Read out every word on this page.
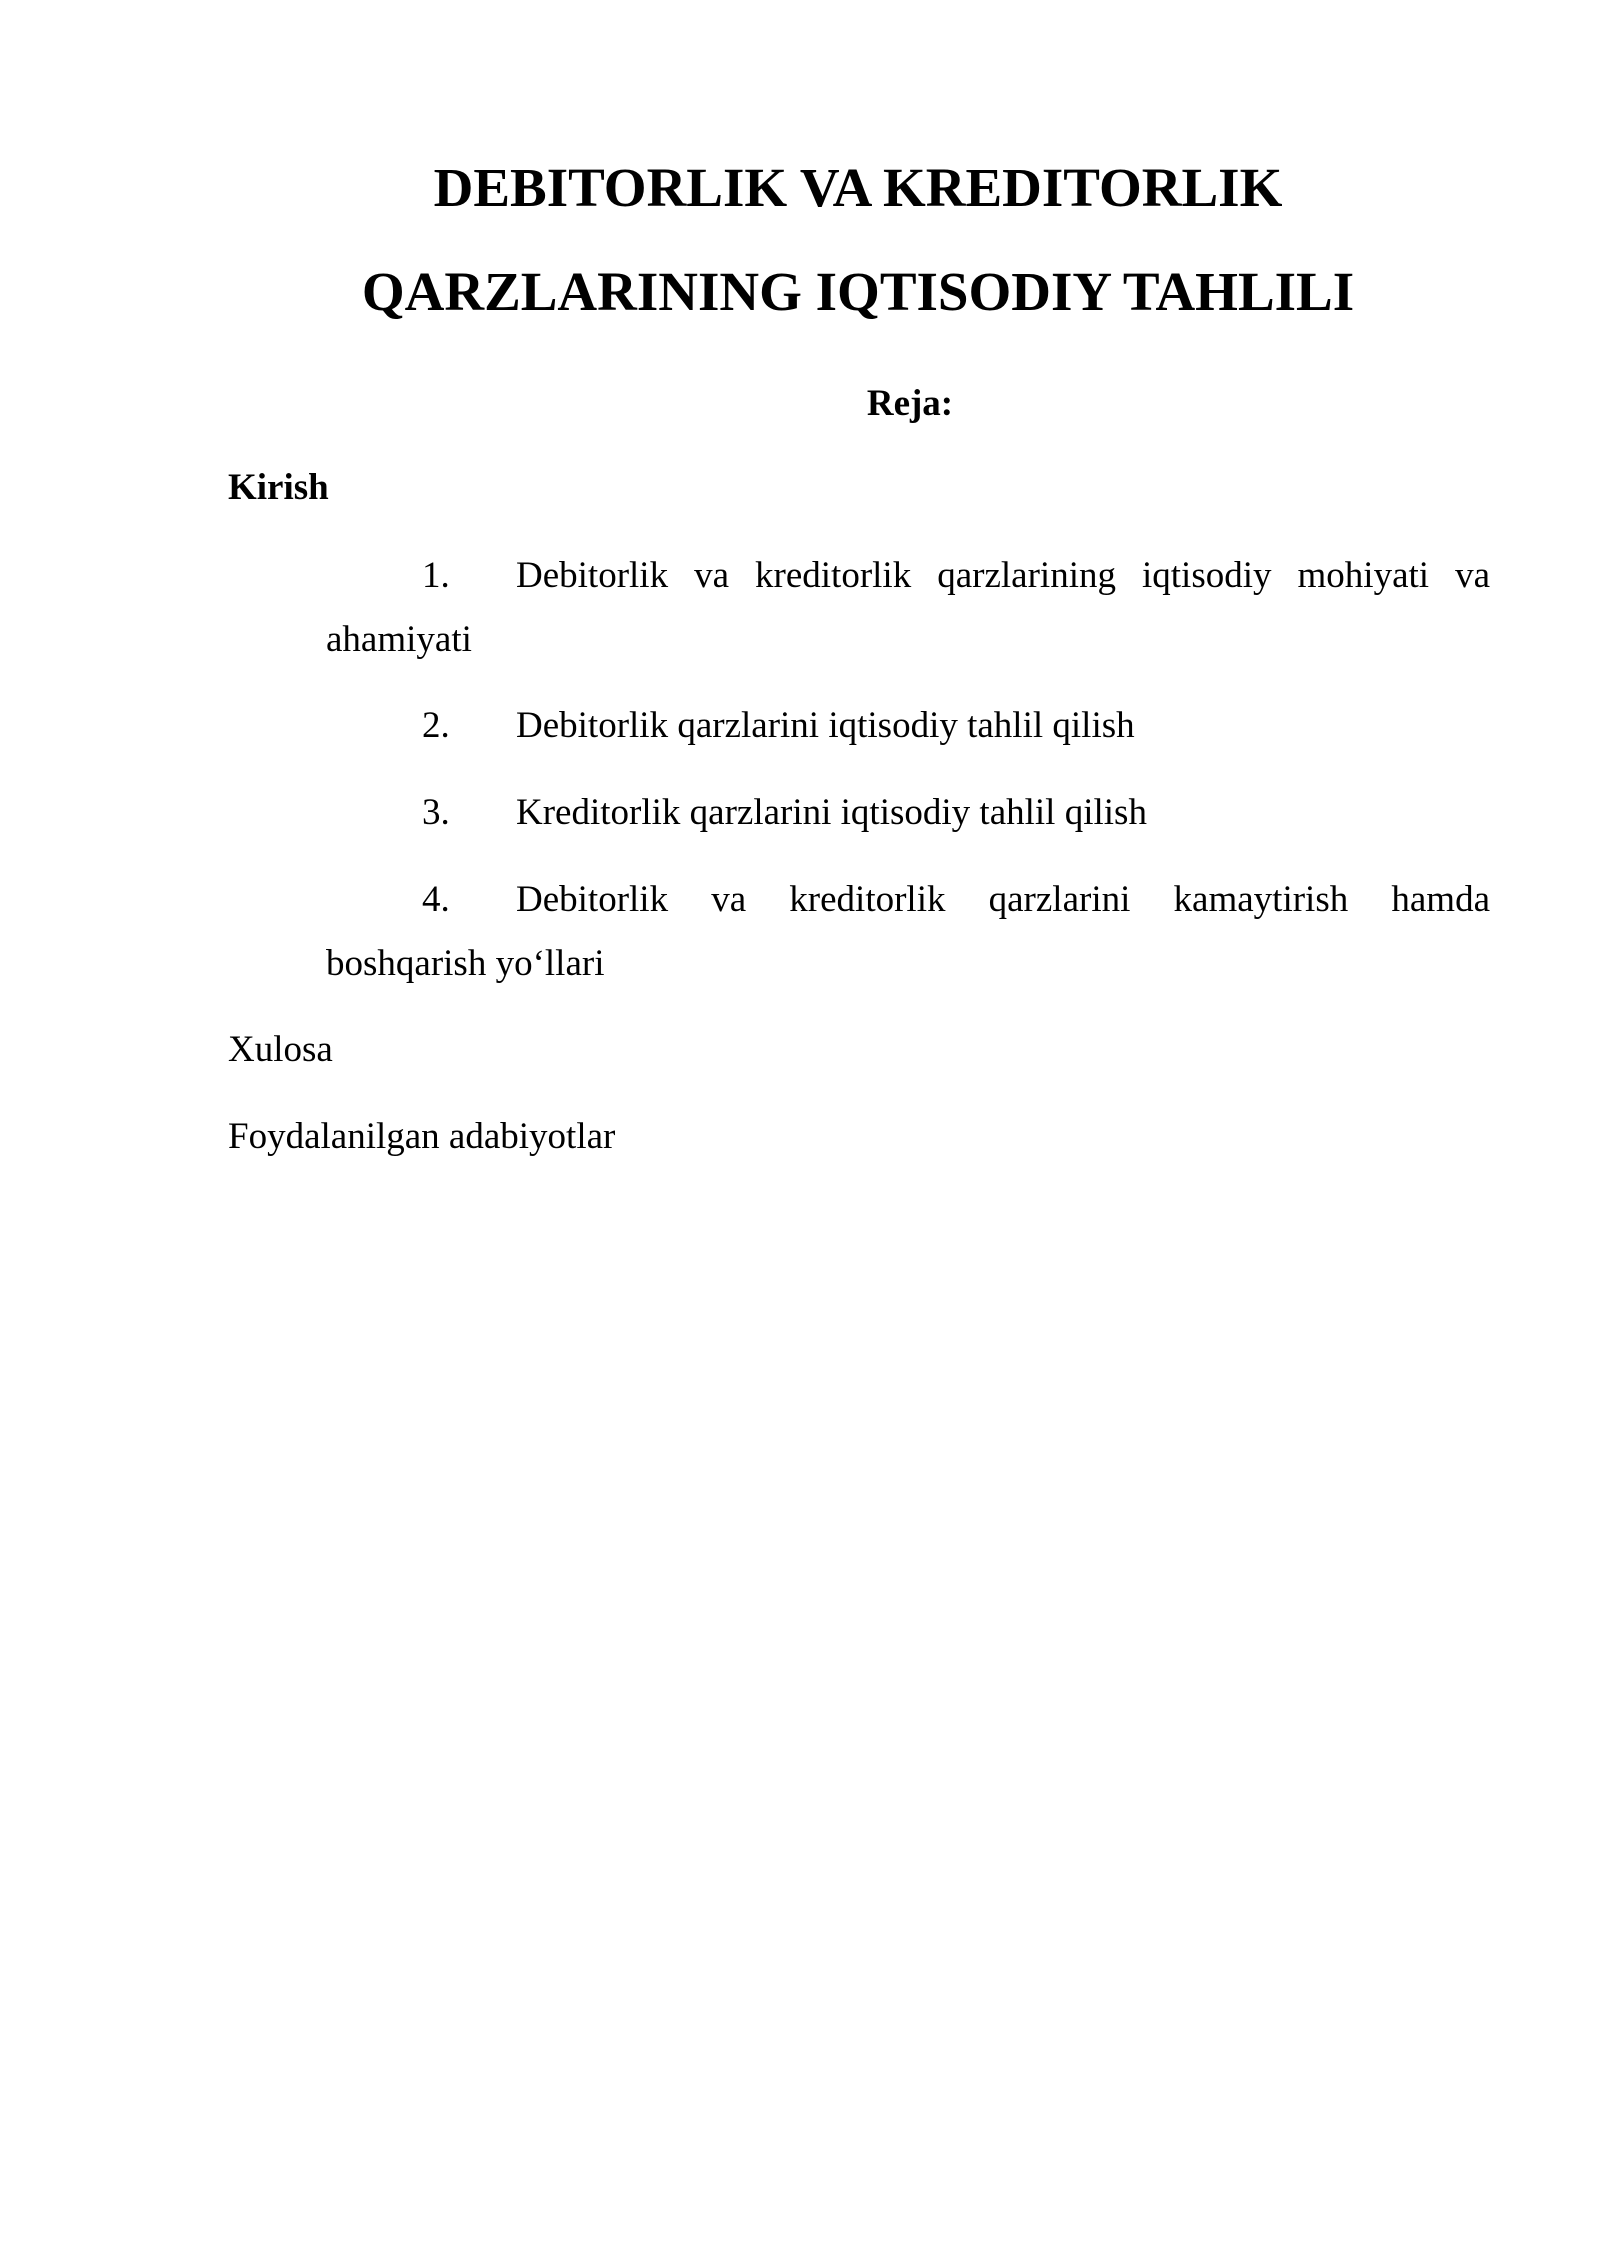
DEBITORLIK VA KREDITORLIK
QARZLARINING IQTISODIY TAHLILI
Reja:
Kirish
1.	Debitorlik va kreditorlik qarzlarining iqtisodiy mohiyati va
ahamiyati
2.	Debitorlik qarzlarini iqtisodiy tahlil qilish
3.	Kreditorlik qarzlarini iqtisodiy tahlil qilish
4.	Debitorlik va kreditorlik qarzlarini kamaytirish hamda
boshqarish yo‘llari
Xulosa
Foydalanilgan adabiyotlar
